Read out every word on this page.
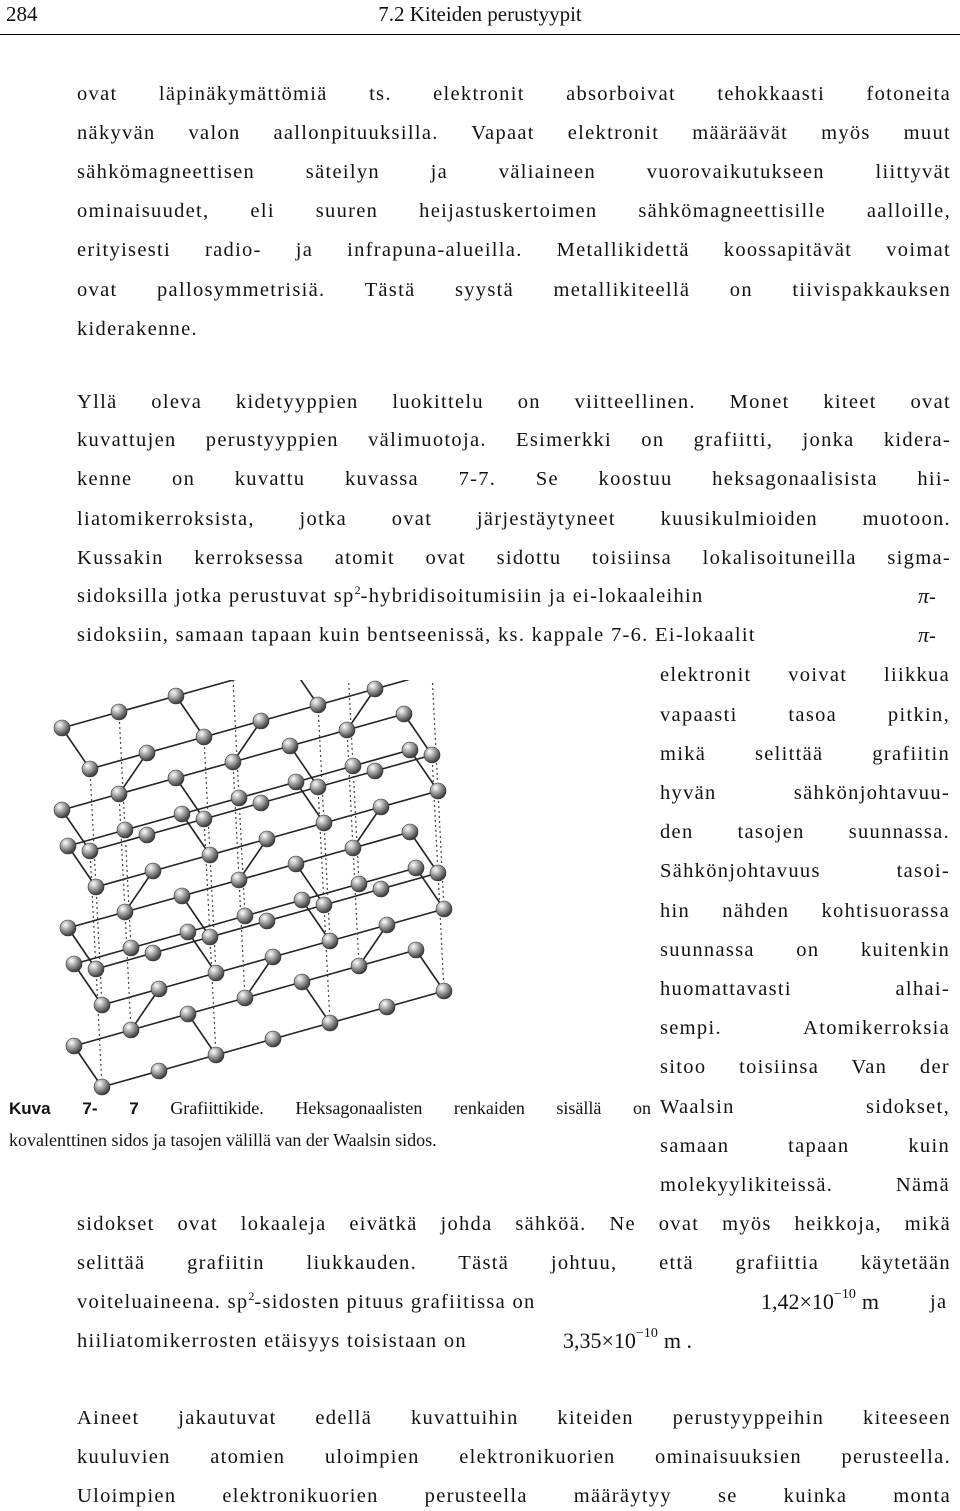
284	7.2 Kiteiden perustyypit
ovat läpinäkymättömiä ts. elektronit absorboivat tehokkaasti fotoneita
näkyvän valon aallonpituuksilla. Vapaat elektronit määräävät myös muut
sähkömagneettisen säteilyn ja väliaineen vuorovaikutukseen liittyvät
ominaisuudet, eli suuren heijastuskertoimen sähkömagneettisille aalloille,
erityisesti radio- ja infrapuna-alueilla. Metallikidettä koossapitävät voimat
ovat pallosymmetrisiä. Tästä syystä metallikiteellä on tiivispakkauksen
kiderakenne.
Yllä oleva kidetyyppien luokittelu on viitteellinen. Monet kiteet ovat
kuvattujen perustyyppien välimuotoja. Esimerkki on grafiitti, jonka kidera-
kenne on kuvattu kuvassa 7-7. Se koostuu heksagonaalisista hii-
liatomikerroksista, jotka ovat järjestäytyneet kuusikulmioiden muotoon.
Kussakin kerroksessa atomit ovat sidottu toisiinsa lokalisoituneilla sigma-
sidoksilla jotka perustuvat $sp^2$-hybridisoitumisiin ja ei-lokaaleihin	π-
sidoksiin, samaan tapaan kuin bentseenissä, ks. kappale 7-6. Ei-lokaalit	π-
elektronit voivat liikkua
vapaasti tasoa pitkin,
mikä selittää grafiitin
hyvän sähkönjohtavuu-
den tasojen suunnassa.
Sähkönjohtavuus tasoi-
hin nähden kohtisuorassa
suunnassa on kuitenkin
huomattavasti alhai-
sempi. Atomikerroksia
sitoo toisiinsa Van der
Waalsin sidokset,
samaan tapaan kuin
molekyylikiteissä. Nämä
sidokset ovat lokaaleja eivätkä johda sähköä. Ne ovat myös heikkoja, mikä
selittää grafiitin liukkauden. Tästä johtuu, että grafiittia käytetään
voiteluaineena. $sp^2$-sidosten pituus grafiitissa on	$1,42\times 10^{-10}$ m ja
hiiliatomikerrosten etäisyys toisistaan on	$3,35\times 10^{-10}$ m .
Aineet jakautuvat edellä kuvattuihin kiteiden perustyyppeihin kiteeseen
kuuluvien atomien uloimpien elektronikuorien ominaisuuksien perusteella.
Uloimpien elektronikuorien perusteella määräytyy se kuinka monta
Kuva 7- 7 Grafiittikide. Heksagonaalisten renkaiden sisällä on
kovalenttinen sidos ja tasojen välillä van der Waalsin sidos.
